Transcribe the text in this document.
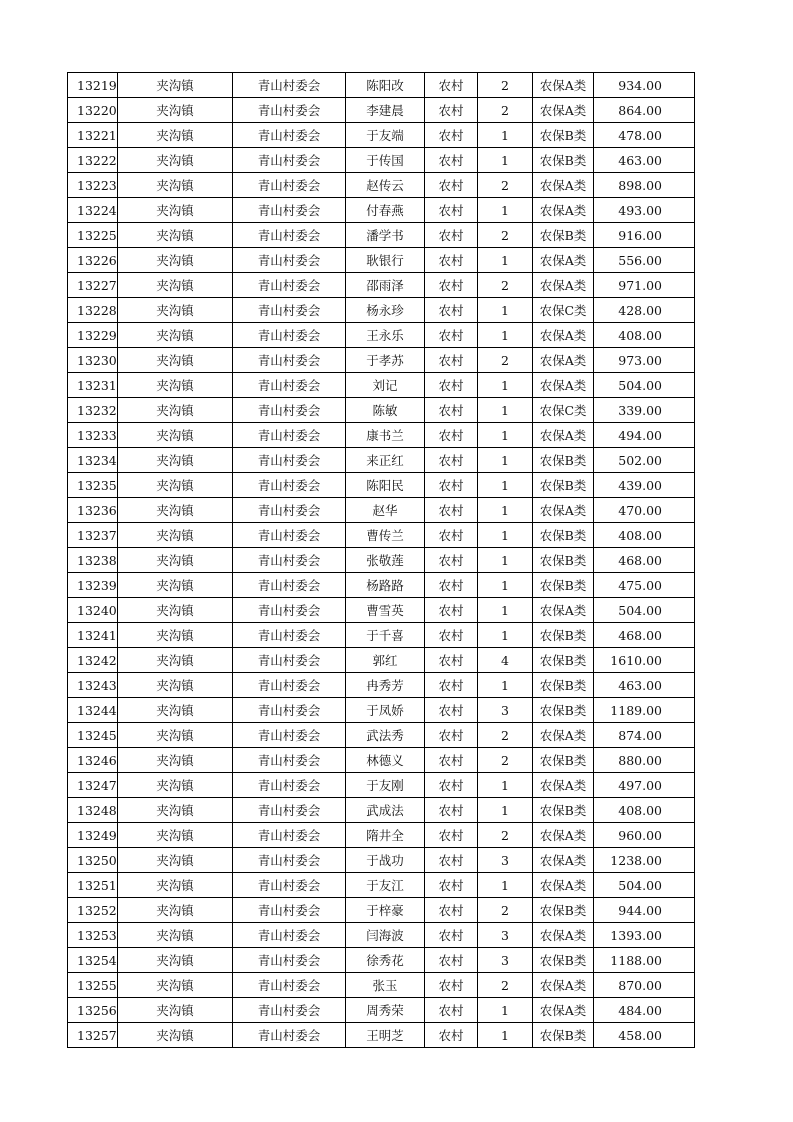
13219	夹沟镇	青山村委会	陈阳改	农村	2	农保A类	934.00
13220	夹沟镇	青山村委会	李建晨	农村	2	农保A类	864.00
13221	夹沟镇	青山村委会	于友端	农村	1	农保B类	478.00
13222	夹沟镇	青山村委会	于传国	农村	1	农保B类	463.00
13223	夹沟镇	青山村委会	赵传云	农村	2	农保A类	898.00
13224	夹沟镇	青山村委会	付春燕	农村	1	农保A类	493.00
13225	夹沟镇	青山村委会	潘学书	农村	2	农保B类	916.00
13226	夹沟镇	青山村委会	耿银行	农村	1	农保A类	556.00
13227	夹沟镇	青山村委会	邵雨泽	农村	2	农保A类	971.00
13228	夹沟镇	青山村委会	杨永珍	农村	1	农保C类	428.00
13229	夹沟镇	青山村委会	王永乐	农村	1	农保A类	408.00
13230	夹沟镇	青山村委会	于孝苏	农村	2	农保A类	973.00
13231	夹沟镇	青山村委会	刘记	农村	1	农保A类	504.00
13232	夹沟镇	青山村委会	陈敏	农村	1	农保C类	339.00
13233	夹沟镇	青山村委会	康书兰	农村	1	农保A类	494.00
13234	夹沟镇	青山村委会	来正红	农村	1	农保B类	502.00
13235	夹沟镇	青山村委会	陈阳民	农村	1	农保B类	439.00
13236	夹沟镇	青山村委会	赵华	农村	1	农保A类	470.00
13237	夹沟镇	青山村委会	曹传兰	农村	1	农保B类	408.00
13238	夹沟镇	青山村委会	张敬莲	农村	1	农保B类	468.00
13239	夹沟镇	青山村委会	杨路路	农村	1	农保B类	475.00
13240	夹沟镇	青山村委会	曹雪英	农村	1	农保A类	504.00
13241	夹沟镇	青山村委会	于千喜	农村	1	农保B类	468.00
13242	夹沟镇	青山村委会	郭红	农村	4	农保B类	1610.00
13243	夹沟镇	青山村委会	冉秀芳	农村	1	农保B类	463.00
13244	夹沟镇	青山村委会	于凤娇	农村	3	农保B类	1189.00
13245	夹沟镇	青山村委会	武法秀	农村	2	农保A类	874.00
13246	夹沟镇	青山村委会	林德义	农村	2	农保B类	880.00
13247	夹沟镇	青山村委会	于友刚	农村	1	农保A类	497.00
13248	夹沟镇	青山村委会	武成法	农村	1	农保B类	408.00
13249	夹沟镇	青山村委会	隋井全	农村	2	农保A类	960.00
13250	夹沟镇	青山村委会	于战功	农村	3	农保A类	1238.00
13251	夹沟镇	青山村委会	于友江	农村	1	农保A类	504.00
13252	夹沟镇	青山村委会	于梓豪	农村	2	农保B类	944.00
13253	夹沟镇	青山村委会	闫海波	农村	3	农保A类	1393.00
13254	夹沟镇	青山村委会	徐秀花	农村	3	农保B类	1188.00
13255	夹沟镇	青山村委会	张玉	农村	2	农保A类	870.00
13256	夹沟镇	青山村委会	周秀荣	农村	1	农保A类	484.00
13257	夹沟镇	青山村委会	王明芝	农村	1	农保B类	458.00
